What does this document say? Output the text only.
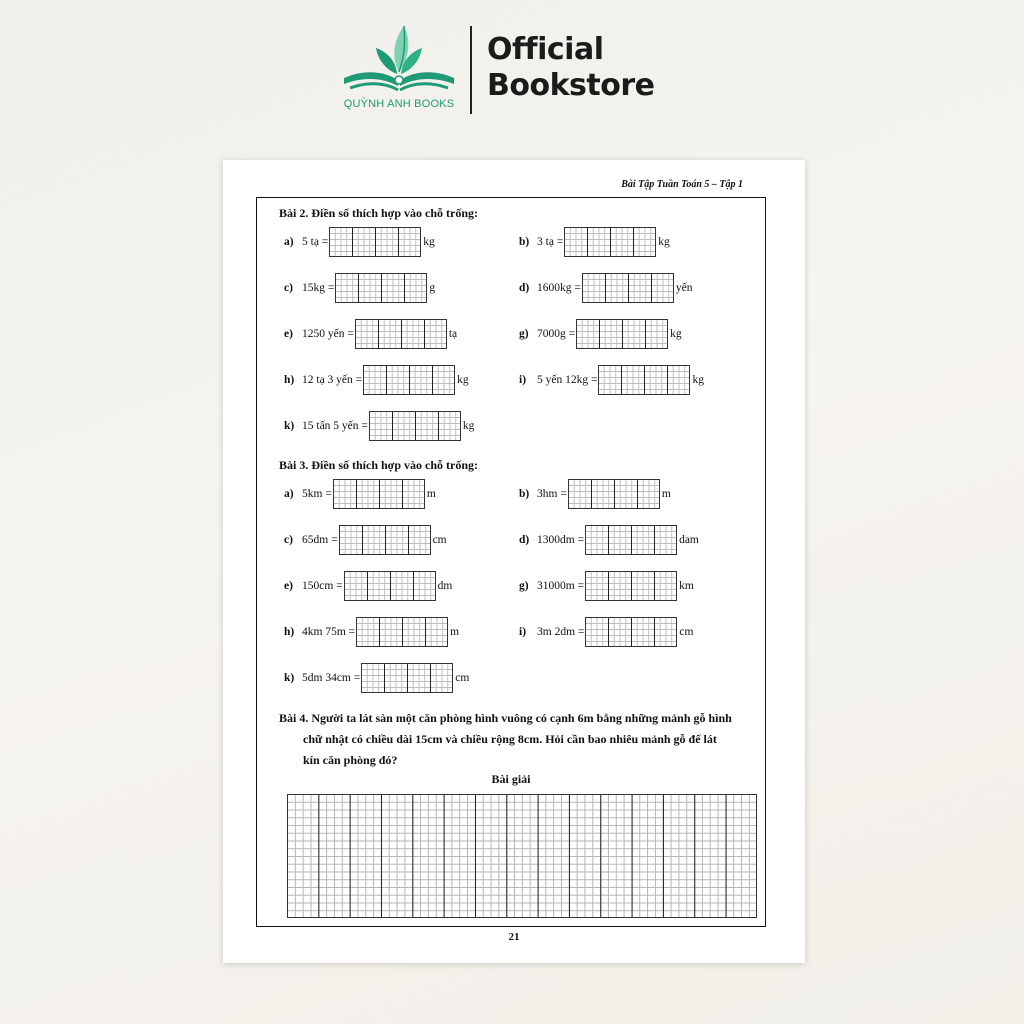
QUỲNH ANH BOOKS
Official
Bookstore
Bài Tập Tuần Toán 5 – Tập 1
Bài 2. Điền số thích hợp vào chỗ trống:
a) 5 tạ =	kg	b) 3 tạ =	kg
c) 15kg =	g	d) 1600kg =	yến
e) 1250 yến =	tạ	g) 7000g =	kg
h) 12 tạ 3 yến =	kg	i) 5 yến 12kg =	kg
k) 15 tấn 5 yến =	kg
Bài 3. Điền số thích hợp vào chỗ trống:
a) 5km =	m	b) 3hm =	m
c) 65dm =	cm	d) 1300dm =	dam
e) 150cm =	dm	g) 31000m =	km
h) 4km 75m =	m	i) 3m 2dm =	cm
k) 5dm 34cm =	cm
Bài 4. Người ta lát sàn một căn phòng hình vuông có cạnh 6m bằng những mảnh gỗ hình
chữ nhật có chiều dài 15cm và chiều rộng 8cm. Hỏi cần bao nhiêu mảnh gỗ để lát
kín căn phòng đó?
Bài giải
21
